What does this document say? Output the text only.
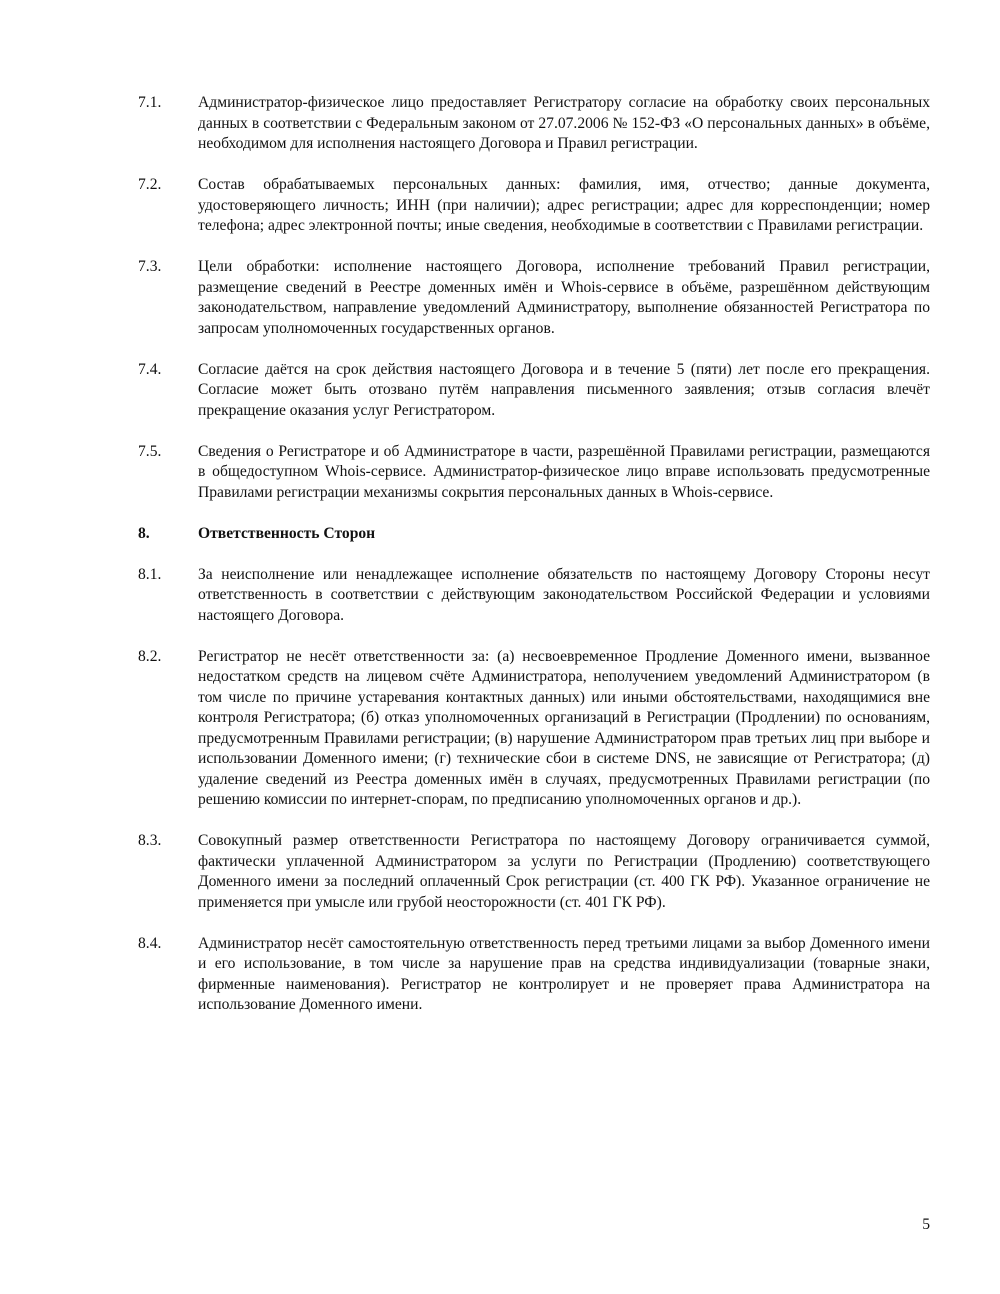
7.1.	Администратор-физическое лицо предоставляет Регистратору согласие на обработку своих персональных данных в соответствии с Федеральным законом от 27.07.2006 № 152-ФЗ «О персональных данных» в объёме, необходимом для исполнения настоящего Договора и Правил регистрации.
7.2.	Состав обрабатываемых персональных данных: фамилия, имя, отчество; данные документа, удостоверяющего личность; ИНН (при наличии); адрес регистрации; адрес для корреспонденции; номер телефона; адрес электронной почты; иные сведения, необходимые в соответствии с Правилами регистрации.
7.3.	Цели обработки: исполнение настоящего Договора, исполнение требований Правил регистрации, размещение сведений в Реестре доменных имён и Whois-сервисе в объёме, разрешённом действующим законодательством, направление уведомлений Администратору, выполнение обязанностей Регистратора по запросам уполномоченных государственных органов.
7.4.	Согласие даётся на срок действия настоящего Договора и в течение 5 (пяти) лет после его прекращения. Согласие может быть отозвано путём направления письменного заявления; отзыв согласия влечёт прекращение оказания услуг Регистратором.
7.5.	Сведения о Регистраторе и об Администраторе в части, разрешённой Правилами регистрации, размещаются в общедоступном Whois-сервисе. Администратор-физическое лицо вправе использовать предусмотренные Правилами регистрации механизмы сокрытия персональных данных в Whois-сервисе.
8.	Ответственность Сторон
8.1.	За неисполнение или ненадлежащее исполнение обязательств по настоящему Договору Стороны несут ответственность в соответствии с действующим законодательством Российской Федерации и условиями настоящего Договора.
8.2.	Регистратор не несёт ответственности за: (а) несвоевременное Продление Доменного имени, вызванное недостатком средств на лицевом счёте Администратора, неполучением уведомлений Администратором (в том числе по причине устаревания контактных данных) или иными обстоятельствами, находящимися вне контроля Регистратора; (б) отказ уполномоченных организаций в Регистрации (Продлении) по основаниям, предусмотренным Правилами регистрации; (в) нарушение Администратором прав третьих лиц при выборе и использовании Доменного имени; (г) технические сбои в системе DNS, не зависящие от Регистратора; (д) удаление сведений из Реестра доменных имён в случаях, предусмотренных Правилами регистрации (по решению комиссии по интернет-спорам, по предписанию уполномоченных органов и др.).
8.3.	Совокупный размер ответственности Регистратора по настоящему Договору ограничивается суммой, фактически уплаченной Администратором за услуги по Регистрации (Продлению) соответствующего Доменного имени за последний оплаченный Срок регистрации (ст. 400 ГК РФ). Указанное ограничение не применяется при умысле или грубой неосторожности (ст. 401 ГК РФ).
8.4.	Администратор несёт самостоятельную ответственность перед третьими лицами за выбор Доменного имени и его использование, в том числе за нарушение прав на средства индивидуализации (товарные знаки, фирменные наименования). Регистратор не контролирует и не проверяет права Администратора на использование Доменного имени.
5
